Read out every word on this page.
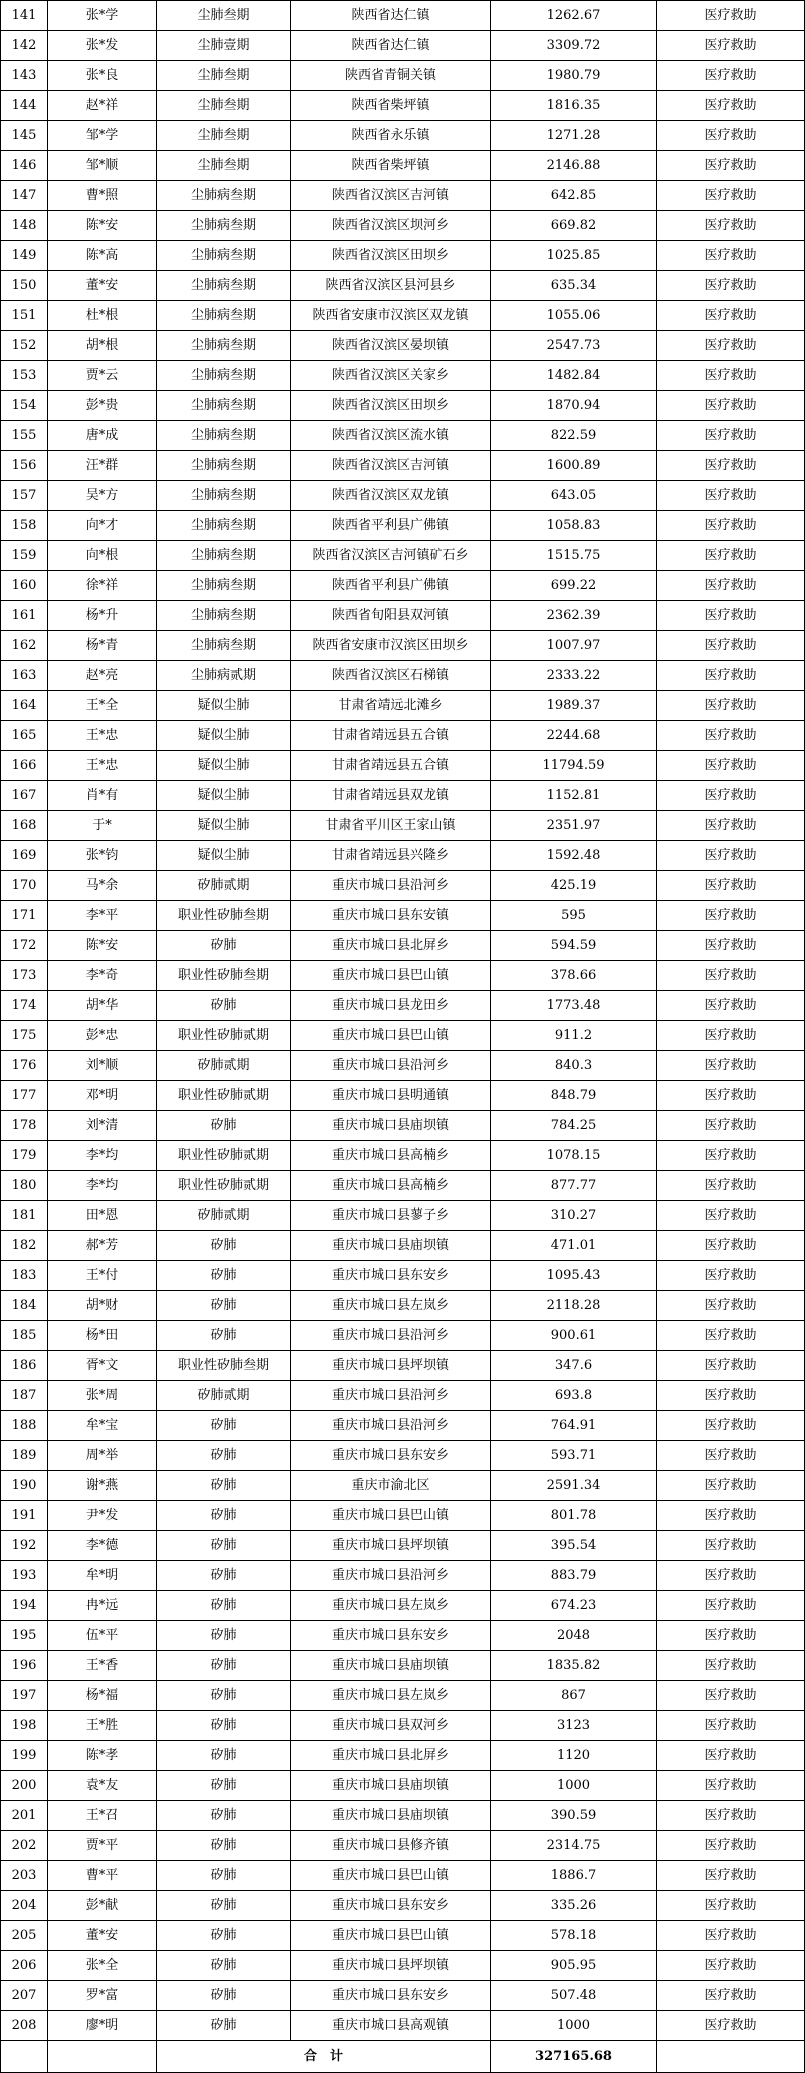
141	张*学	尘肺叁期	陕西省达仁镇	1262.67	医疗救助
142	张*发	尘肺壹期	陕西省达仁镇	3309.72	医疗救助
143	张*良	尘肺叁期	陕西省青铜关镇	1980.79	医疗救助
144	赵*祥	尘肺叁期	陕西省柴坪镇	1816.35	医疗救助
145	邹*学	尘肺叁期	陕西省永乐镇	1271.28	医疗救助
146	邹*顺	尘肺叁期	陕西省柴坪镇	2146.88	医疗救助
147	曹*照	尘肺病叁期	陕西省汉滨区吉河镇	642.85	医疗救助
148	陈*安	尘肺病叁期	陕西省汉滨区坝河乡	669.82	医疗救助
149	陈*高	尘肺病叁期	陕西省汉滨区田坝乡	1025.85	医疗救助
150	董*安	尘肺病叁期	陕西省汉滨区县河县乡	635.34	医疗救助
151	杜*根	尘肺病叁期	陕西省安康市汉滨区双龙镇	1055.06	医疗救助
152	胡*根	尘肺病叁期	陕西省汉滨区晏坝镇	2547.73	医疗救助
153	贾*云	尘肺病叁期	陕西省汉滨区关家乡	1482.84	医疗救助
154	彭*贵	尘肺病叁期	陕西省汉滨区田坝乡	1870.94	医疗救助
155	唐*成	尘肺病叁期	陕西省汉滨区流水镇	822.59	医疗救助
156	汪*群	尘肺病叁期	陕西省汉滨区吉河镇	1600.89	医疗救助
157	吴*方	尘肺病叁期	陕西省汉滨区双龙镇	643.05	医疗救助
158	向*才	尘肺病叁期	陕西省平利县广佛镇	1058.83	医疗救助
159	向*根	尘肺病叁期	陕西省汉滨区吉河镇矿石乡	1515.75	医疗救助
160	徐*祥	尘肺病叁期	陕西省平利县广佛镇	699.22	医疗救助
161	杨*升	尘肺病叁期	陕西省旬阳县双河镇	2362.39	医疗救助
162	杨*青	尘肺病叁期	陕西省安康市汉滨区田坝乡	1007.97	医疗救助
163	赵*亮	尘肺病贰期	陕西省汉滨区石梯镇	2333.22	医疗救助
164	王*全	疑似尘肺	甘肃省靖远北滩乡	1989.37	医疗救助
165	王*忠	疑似尘肺	甘肃省靖远县五合镇	2244.68	医疗救助
166	王*忠	疑似尘肺	甘肃省靖远县五合镇	11794.59	医疗救助
167	肖*有	疑似尘肺	甘肃省靖远县双龙镇	1152.81	医疗救助
168	于*	疑似尘肺	甘肃省平川区王家山镇	2351.97	医疗救助
169	张*钧	疑似尘肺	甘肃省靖远县兴隆乡	1592.48	医疗救助
170	马*余	矽肺贰期	重庆市城口县沿河乡	425.19	医疗救助
171	李*平	职业性矽肺叁期	重庆市城口县东安镇	595	医疗救助
172	陈*安	矽肺	重庆市城口县北屏乡	594.59	医疗救助
173	李*奇	职业性矽肺叁期	重庆市城口县巴山镇	378.66	医疗救助
174	胡*华	矽肺	重庆市城口县龙田乡	1773.48	医疗救助
175	彭*忠	职业性矽肺贰期	重庆市城口县巴山镇	911.2	医疗救助
176	刘*顺	矽肺贰期	重庆市城口县沿河乡	840.3	医疗救助
177	邓*明	职业性矽肺贰期	重庆市城口县明通镇	848.79	医疗救助
178	刘*清	矽肺	重庆市城口县庙坝镇	784.25	医疗救助
179	李*均	职业性矽肺贰期	重庆市城口县高楠乡	1078.15	医疗救助
180	李*均	职业性矽肺贰期	重庆市城口县高楠乡	877.77	医疗救助
181	田*恩	矽肺贰期	重庆市城口县蓼子乡	310.27	医疗救助
182	郝*芳	矽肺	重庆市城口县庙坝镇	471.01	医疗救助
183	王*付	矽肺	重庆市城口县东安乡	1095.43	医疗救助
184	胡*财	矽肺	重庆市城口县左岚乡	2118.28	医疗救助
185	杨*田	矽肺	重庆市城口县沿河乡	900.61	医疗救助
186	胥*文	职业性矽肺叁期	重庆市城口县坪坝镇	347.6	医疗救助
187	张*周	矽肺贰期	重庆市城口县沿河乡	693.8	医疗救助
188	牟*宝	矽肺	重庆市城口县沿河乡	764.91	医疗救助
189	周*举	矽肺	重庆市城口县东安乡	593.71	医疗救助
190	谢*燕	矽肺	重庆市渝北区	2591.34	医疗救助
191	尹*发	矽肺	重庆市城口县巴山镇	801.78	医疗救助
192	李*德	矽肺	重庆市城口县坪坝镇	395.54	医疗救助
193	牟*明	矽肺	重庆市城口县沿河乡	883.79	医疗救助
194	冉*远	矽肺	重庆市城口县左岚乡	674.23	医疗救助
195	伍*平	矽肺	重庆市城口县东安乡	2048	医疗救助
196	王*香	矽肺	重庆市城口县庙坝镇	1835.82	医疗救助
197	杨*福	矽肺	重庆市城口县左岚乡	867	医疗救助
198	王*胜	矽肺	重庆市城口县双河乡	3123	医疗救助
199	陈*孝	矽肺	重庆市城口县北屏乡	1120	医疗救助
200	袁*友	矽肺	重庆市城口县庙坝镇	1000	医疗救助
201	王*召	矽肺	重庆市城口县庙坝镇	390.59	医疗救助
202	贾*平	矽肺	重庆市城口县修齐镇	2314.75	医疗救助
203	曹*平	矽肺	重庆市城口县巴山镇	1886.7	医疗救助
204	彭*献	矽肺	重庆市城口县东安乡	335.26	医疗救助
205	董*安	矽肺	重庆市城口县巴山镇	578.18	医疗救助
206	张*全	矽肺	重庆市城口县坪坝镇	905.95	医疗救助
207	罗*富	矽肺	重庆市城口县东安乡	507.48	医疗救助
208	廖*明	矽肺	重庆市城口县高观镇	1000	医疗救助
		合　计		327165.68	
